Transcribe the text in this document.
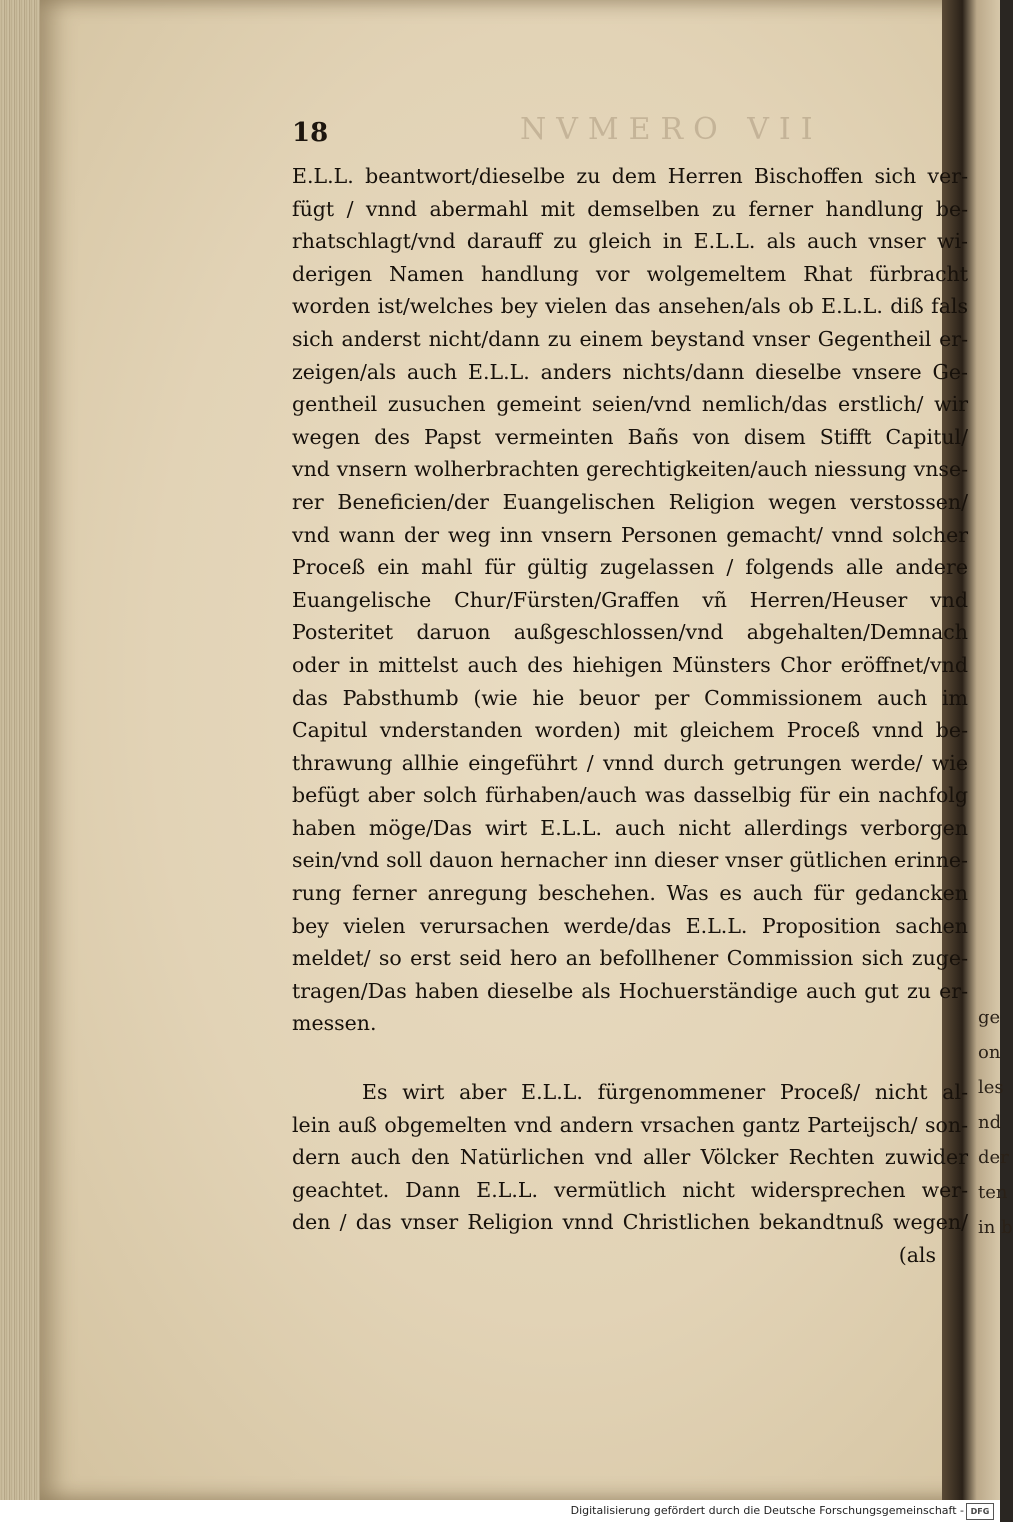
ge
on
les
nd
der
ten
in b
NVMERO VII
18
E.L.L. beantwort/dieselbe zu dem Herren Bischoffen sich ver-
fügt / vnnd abermahl mit demselben zu ferner handlung be-
rhatschlagt/vnd darauff zu gleich in E.L.L. als auch vnser wi-
derigen Namen handlung vor wolgemeltem Rhat fürbracht
worden ist/welches bey vielen das ansehen/als ob E.L.L. diß fals
sich anderst nicht/dann zu einem beystand vnser Gegentheil er-
zeigen/als auch E.L.L. anders nichts/dann dieselbe vnsere Ge-
gentheil zusuchen gemeint seien/vnd nemlich/das erstlich/ wir
wegen des Papst vermeinten Bañs von disem Stifft Capitul/
vnd vnsern wolherbrachten gerechtigkeiten/auch niessung vnse-
rer Beneficien/der Euangelischen Religion wegen verstossen/
vnd wann der weg inn vnsern Personen gemacht/ vnnd solcher
Proceß ein mahl für gültig zugelassen / folgends alle andere
Euangelische Chur/Fürsten/Graffen vñ Herren/Heuser vnd
Posteritet daruon außgeschlossen/vnd abgehalten/Demnach
oder in mittelst auch des hiehigen Münsters Chor eröffnet/vnd
das Pabsthumb (wie hie beuor per Commissionem auch im
Capitul vnderstanden worden) mit gleichem Proceß vnnd be-
thrawung allhie eingeführt / vnnd durch getrungen werde/ wie
befügt aber solch fürhaben/auch was dasselbig für ein nachfolg
haben möge/Das wirt E.L.L. auch nicht allerdings verborgen
sein/vnd soll dauon hernacher inn dieser vnser gütlichen erinne-
rung ferner anregung beschehen. Was es auch für gedancken
bey vielen verursachen werde/das E.L.L. Proposition sachen
meldet/ so erst seid hero an befollhener Commission sich zuge-
tragen/Das haben dieselbe als Hochuerständige auch gut zu er-
messen.
Es wirt aber E.L.L. fürgenommener Proceß/ nicht al-
lein auß obgemelten vnd andern vrsachen gantz Parteijsch/ son-
dern auch den Natürlichen vnd aller Völcker Rechten zuwider
geachtet. Dann E.L.L. vermütlich nicht widersprechen wer-
den / das vnser Religion vnnd Christlichen bekandtnuß wegen/
(als
Digitalisierung gefördert durch die Deutsche Forschungsgemeinschaft - DFG
